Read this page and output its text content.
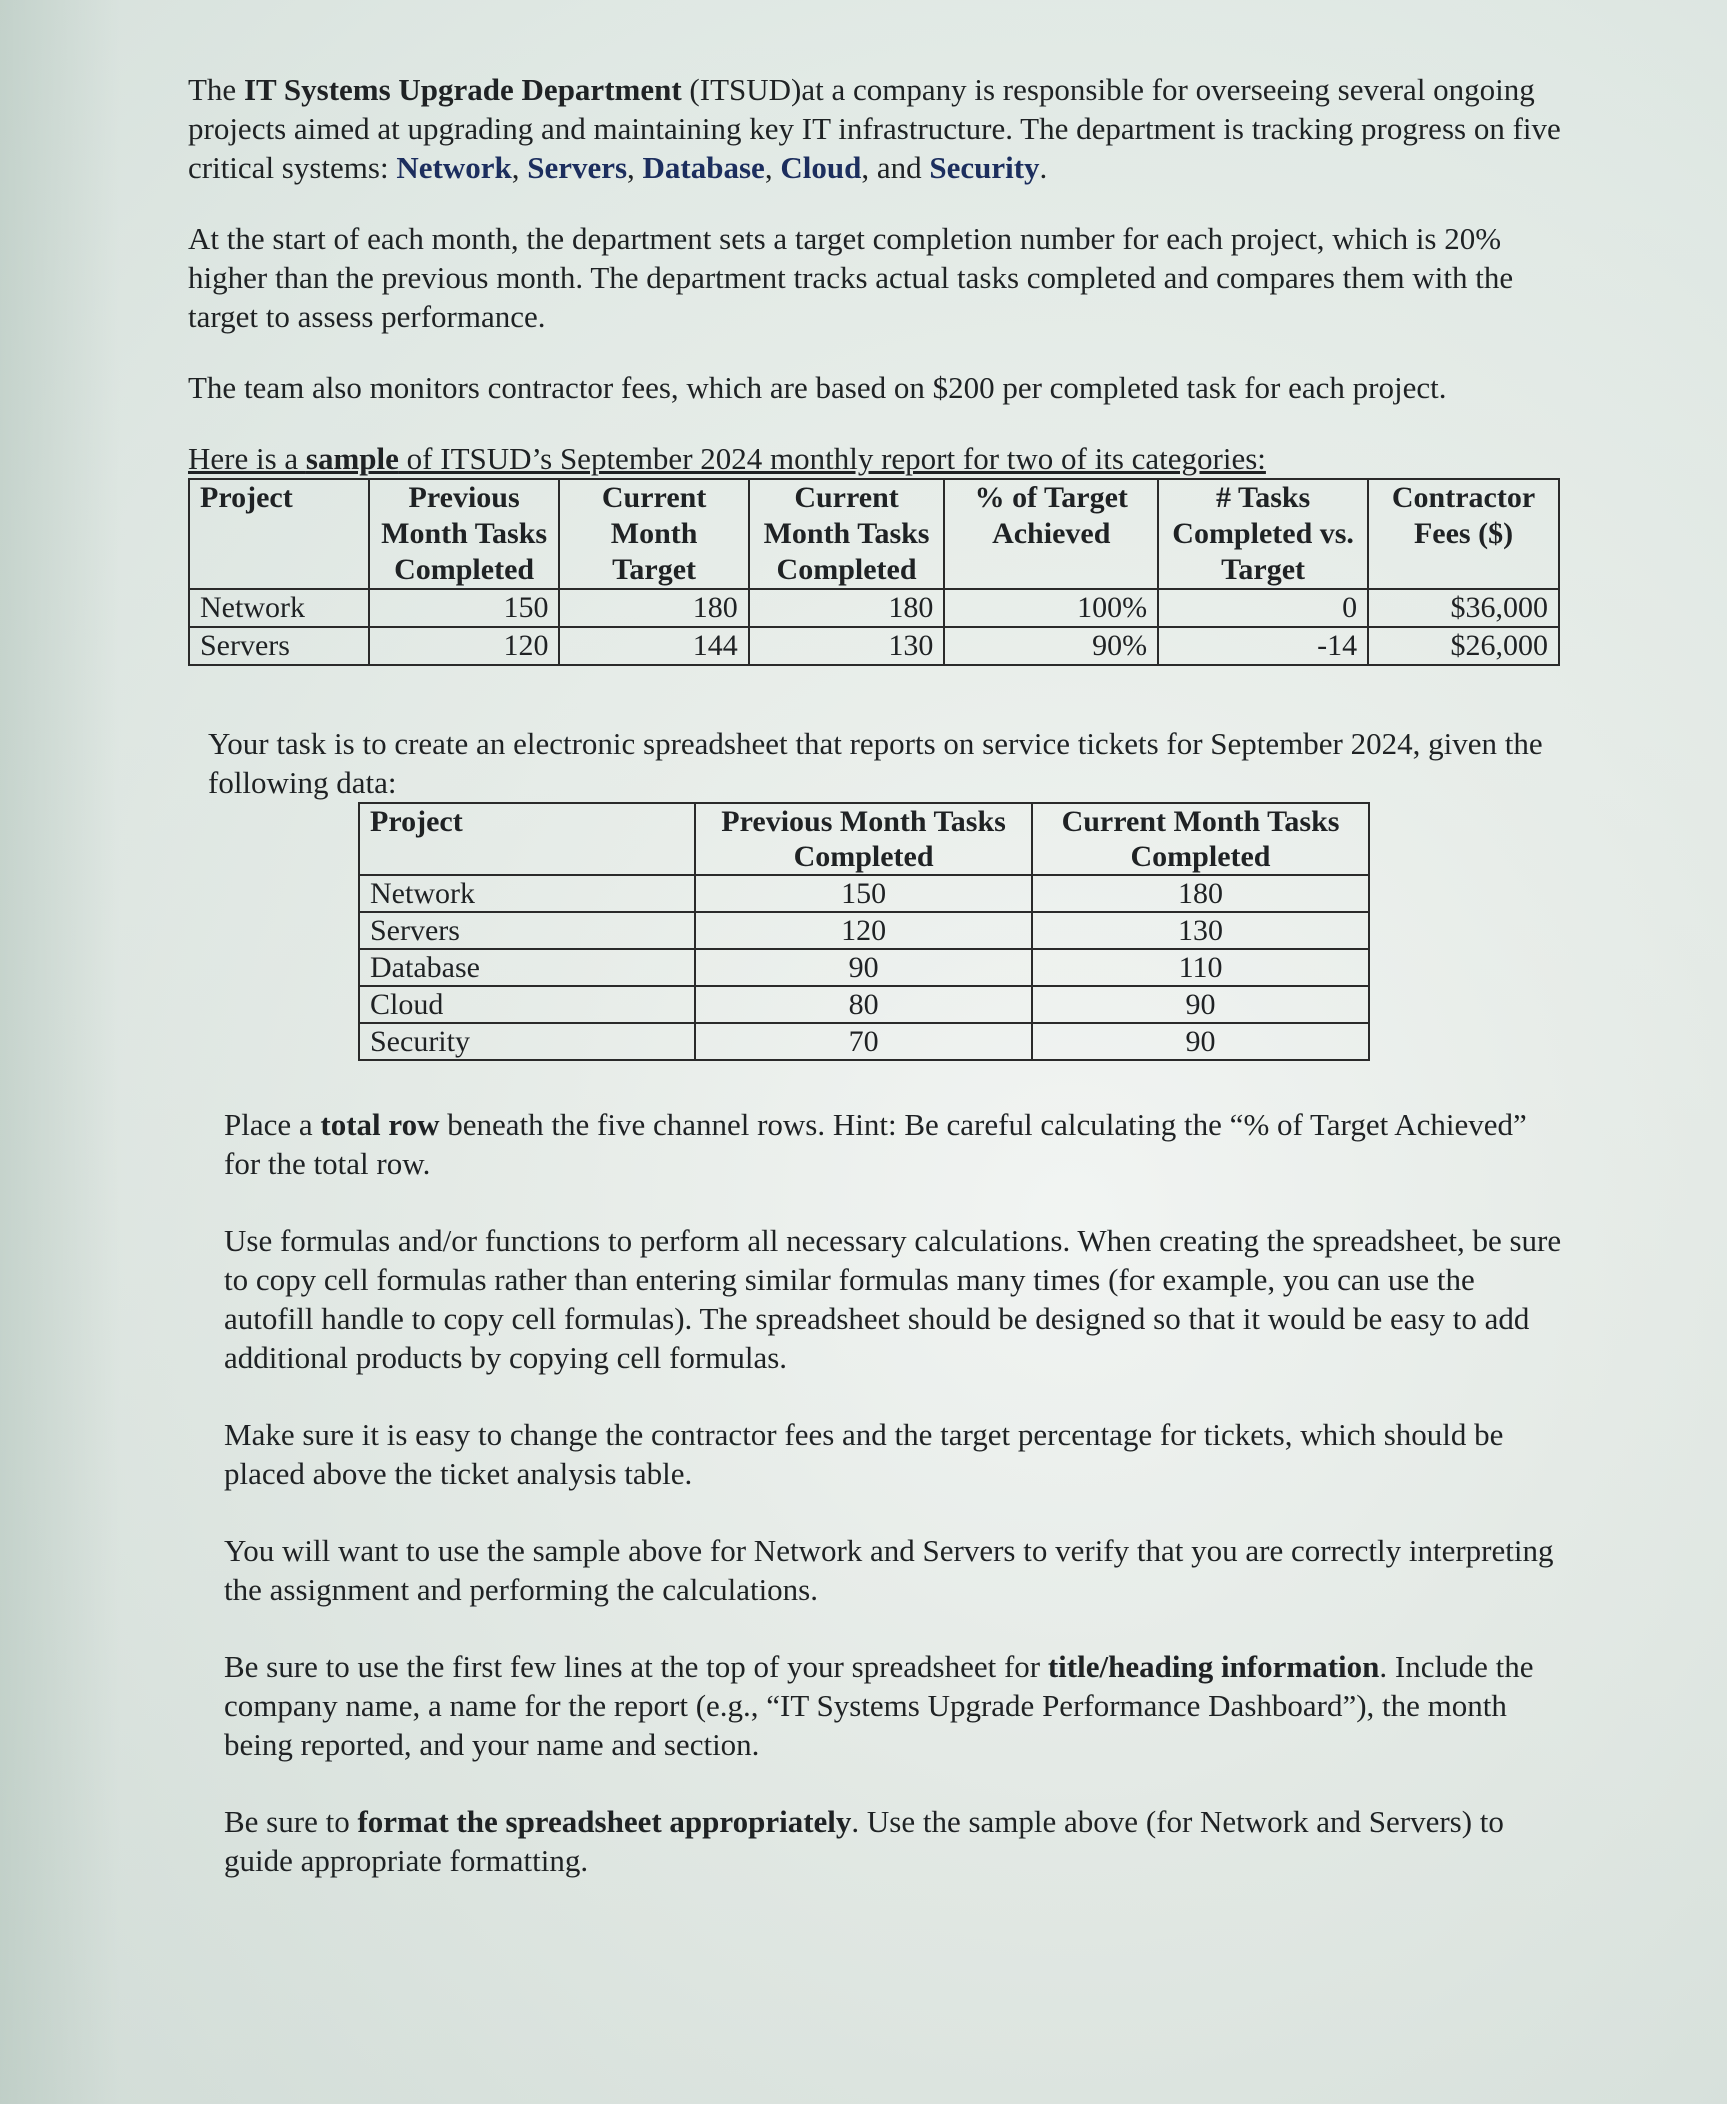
The IT Systems Upgrade Department (ITSUD)at a company is responsible for overseeing several ongoing projects aimed at upgrading and maintaining key IT infrastructure. The department is tracking progress on five critical systems: Network, Servers, Database, Cloud, and Security.

At the start of each month, the department sets a target completion number for each project, which is 20% higher than the previous month. The department tracks actual tasks completed and compares them with the target to assess performance.

The team also monitors contractor fees, which are based on $200 per completed task for each project.

Here is a sample of ITSUD’s September 2024 monthly report for two of its categories:

Project	Previous Month Tasks Completed	Current Month Target	Current Month Tasks Completed	% of Target Achieved	# Tasks Completed vs. Target	Contractor Fees ($)
Network	150	180	180	100%	0	$36,000
Servers	120	144	130	90%	-14	$26,000

Your task is to create an electronic spreadsheet that reports on service tickets for September 2024, given the following data:

Project	Previous Month Tasks Completed	Current Month Tasks Completed
Network	150	180
Servers	120	130
Database	90	110
Cloud	80	90
Security	70	90

Place a total row beneath the five channel rows. Hint: Be careful calculating the “% of Target Achieved” for the total row.

Use formulas and/or functions to perform all necessary calculations. When creating the spreadsheet, be sure to copy cell formulas rather than entering similar formulas many times (for example, you can use the autofill handle to copy cell formulas). The spreadsheet should be designed so that it would be easy to add additional products by copying cell formulas.

Make sure it is easy to change the contractor fees and the target percentage for tickets, which should be placed above the ticket analysis table.

You will want to use the sample above for Network and Servers to verify that you are correctly interpreting the assignment and performing the calculations.

Be sure to use the first few lines at the top of your spreadsheet for title/heading information. Include the company name, a name for the report (e.g., “IT Systems Upgrade Performance Dashboard”), the month being reported, and your name and section.

Be sure to format the spreadsheet appropriately. Use the sample above (for Network and Servers) to guide appropriate formatting.
